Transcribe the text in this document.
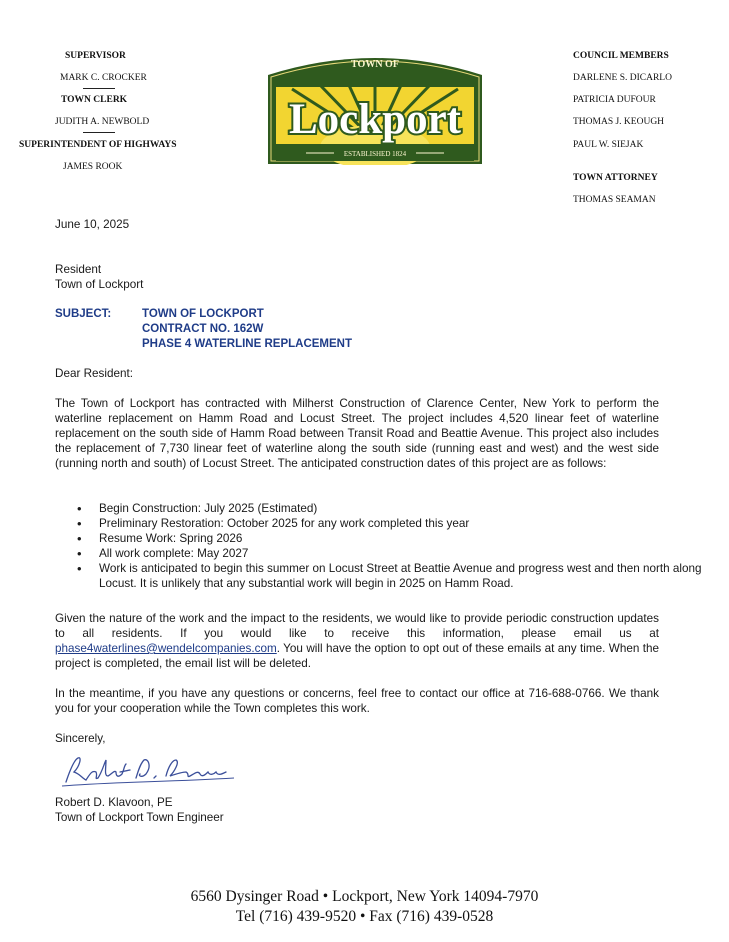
SUPERVISOR
MARK C. CROCKER
TOWN CLERK
JUDITH A. NEWBOLD
SUPERINTENDENT OF HIGHWAYS
JAMES ROOK
TOWN OF
Lockport
ESTABLISHED 1824
COUNCIL MEMBERS
DARLENE S. DICARLO
PATRICIA DUFOUR
THOMAS J. KEOUGH
PAUL W. SIEJAK
TOWN ATTORNEY
THOMAS SEAMAN
June 10, 2025
Resident
Town of Lockport
SUBJECT:	TOWN OF LOCKPORT
CONTRACT NO. 162W
PHASE 4 WATERLINE REPLACEMENT
Dear Resident:
The Town of Lockport has contracted with Milherst Construction of Clarence Center, New York to perform the waterline replacement on Hamm Road and Locust Street. The project includes 4,520 linear feet of waterline replacement on the south side of Hamm Road between Transit Road and Beattie Avenue. This project also includes the replacement of 7,730 linear feet of waterline along the south side (running east and west) and the west side (running north and south) of Locust Street. The anticipated construction dates of this project are as follows:
• Begin Construction: July 2025 (Estimated)
• Preliminary Restoration: October 2025 for any work completed this year
• Resume Work: Spring 2026
• All work complete: May 2027
• Work is anticipated to begin this summer on Locust Street at Beattie Avenue and progress west and then north along Locust. It is unlikely that any substantial work will begin in 2025 on Hamm Road.
Given the nature of the work and the impact to the residents, we would like to provide periodic construction updates to all residents. If you would like to receive this information, please email us at phase4waterlines@wendelcompanies.com. You will have the option to opt out of these emails at any time. When the project is completed, the email list will be deleted.
In the meantime, if you have any questions or concerns, feel free to contact our office at 716-688-0766. We thank you for your cooperation while the Town completes this work.
Sincerely,
Robert D. Klavoon, PE
Town of Lockport Town Engineer
6560 Dysinger Road • Lockport, New York 14094-7970
Tel (716) 439-9520 • Fax (716) 439-0528
